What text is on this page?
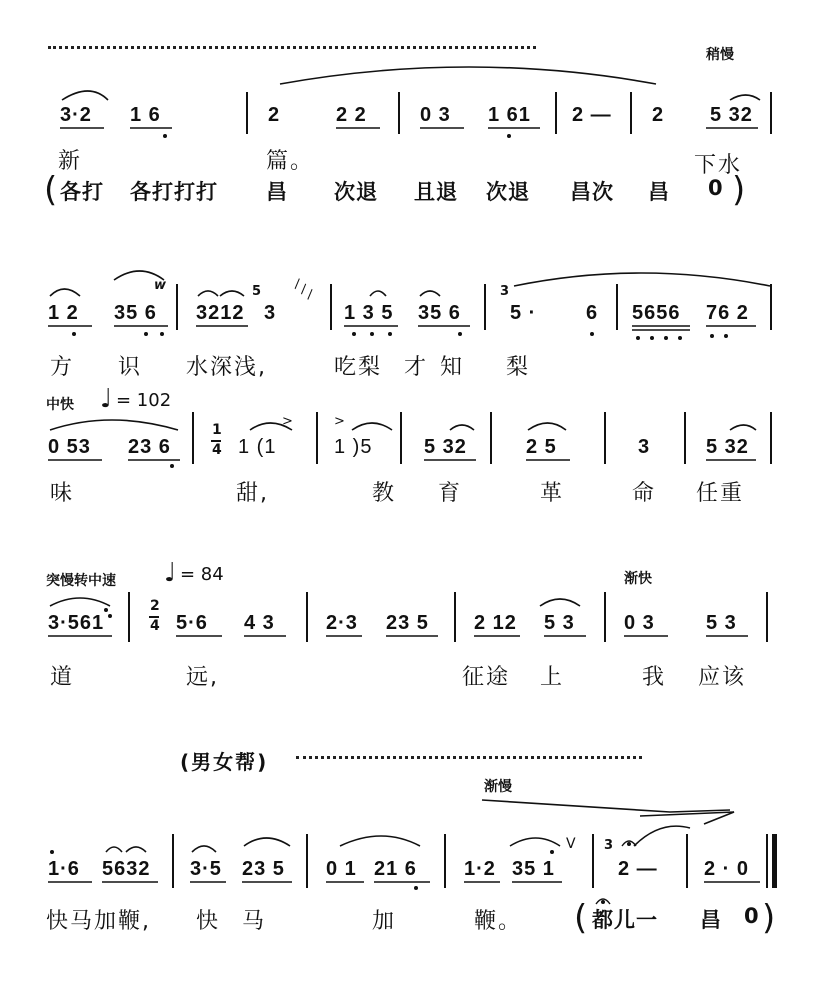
稍慢
3·2 1 6	2	2 2	0 3 1 61 2 — 2 5 32
新	篇。	下水
( 各打 各打打打 昌 次退 且退 次退 昌次 昌 0 )
1 2 35 6
w
3212
5
3
∖∖∖
1 3 5 35 6
3
5 · 6 5656 76 2
方 识 水深浅,	吃梨 才 知 梨
中快 ♩ = 102
0 53 23 6
1
4 1 (1
>
1 )5
>
5 32	2 5	3	5 32
味	甜,	教 育	革	命 任重
突慢转中速 ♩ = 84	渐快
3·561
2
4 5·6 4 3	2·3 23 5 2 12 5 3 0 3	5 3
道	远,	征途 上	我 应该
(男女帮)
渐慢
1·6 5632 3·5 23 5 0 1 21 6 1·2 35 1
V 3
2 — 2 · 0
快马加鞭, 快 马	加	鞭。 ( 都儿一 昌 0 )
